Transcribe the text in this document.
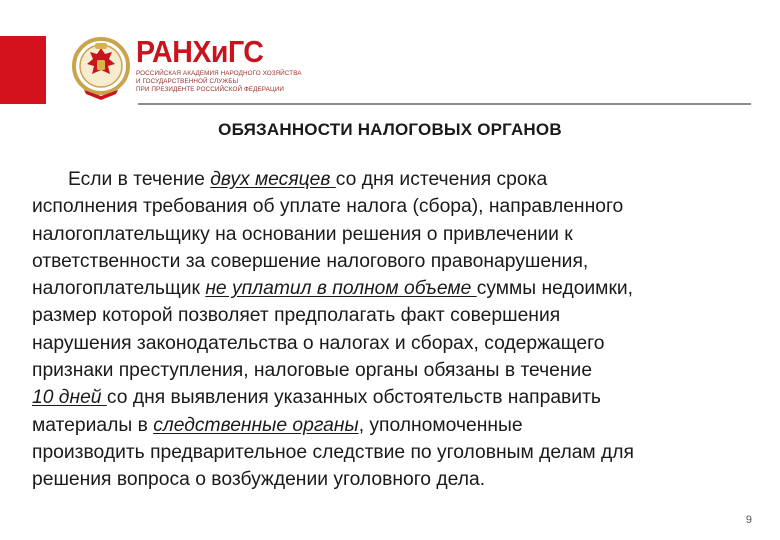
РАНХиГС
РОССИЙСКАЯ АКАДЕМИЯ НАРОДНОГО ХОЗЯЙСТВА
И ГОСУДАРСТВЕННОЙ СЛУЖБЫ
ПРИ ПРЕЗИДЕНТЕ РОССИЙСКОЙ ФЕДЕРАЦИИ
ОБЯЗАННОСТИ НАЛОГОВЫХ ОРГАНОВ

Если в течение двух месяцев со дня истечения срока
исполнения требования об уплате налога (сбора), направленного
налогоплательщику на основании решения о привлечении к
ответственности за совершение налогового правонарушения,
налогоплательщик не уплатил в полном объеме суммы недоимки,
размер которой позволяет предполагать факт совершения
нарушения законодательства о налогах и сборах, содержащего
признаки преступления, налоговые органы обязаны в течение
10 дней со дня выявления указанных обстоятельств направить
материалы в следственные органы, уполномоченные
производить предварительное следствие по уголовным делам для
решения вопроса о возбуждении уголовного дела.

9
